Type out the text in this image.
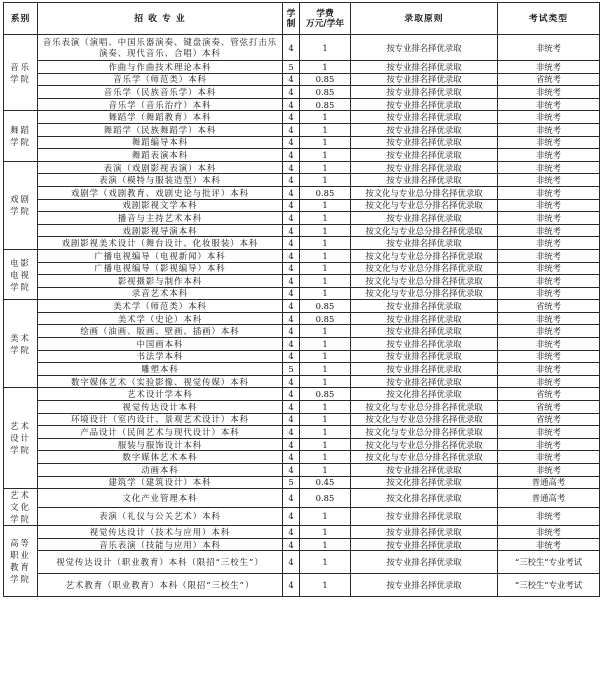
系别	招 收 专 业	学制	学费
万元/学年	录取原则	考试类型
音乐
学院	音乐表演（演唱、中国乐器演奏、键盘演奏、管弦打击乐演奏、现代音乐、合唱）本科	4	1	按专业排名择优录取	非统考
	作曲与作曲技术理论本科	5	1	按专业排名择优录取	非统考
	音乐学（师范类）本科	4	0.85	按专业排名择优录取	省统考
	音乐学（民族音乐学）本科	4	0.85	按专业排名择优录取	非统考
	音乐学（音乐治疗）本科	4	0.85	按专业排名择优录取	非统考
舞蹈
学院	舞蹈学（舞蹈教育）本科	4	1	按专业排名择优录取	非统考
	舞蹈学（民族舞蹈学）本科	4	1	按专业排名择优录取	非统考
	舞蹈编导本科	4	1	按专业排名择优录取	非统考
	舞蹈表演本科	4	1	按专业排名择优录取	非统考
戏剧
学院	表演（戏剧影视表演）本科	4	1	按专业排名择优录取	非统考
	表演（模特与服装造型）本科	4	1	按专业排名择优录取	非统考
	戏剧学（戏剧教育、戏剧史论与批评）本科	4	0.85	按文化与专业总分排名择优录取	非统考
	戏剧影视文学本科	4	1	按文化与专业总分排名择优录取	非统考
	播音与主持艺术本科	4	1	按专业排名择优录取	非统考
	戏剧影视导演本科	4	1	按文化与专业总分排名择优录取	非统考
	戏剧影视美术设计（舞台设计、化妆服装）本科	4	1	按专业排名择优录取	非统考
电影
电视
学院	广播电视编导（电视新闻）本科	4	1	按文化与专业总分排名择优录取	非统考
	广播电视编导（影视编导）本科	4	1	按文化与专业总分排名择优录取	非统考
	影视摄影与制作本科	4	1	按文化与专业总分排名择优录取	非统考
	录音艺术本科	4	1	按文化与专业总分排名择优录取	非统考
美术
学院	美术学（师范类）本科	4	0.85	按专业排名择优录取	省统考
	美术学（史论）本科	4	0.85	按专业排名择优录取	非统考
	绘画（油画、版画、壁画、插画）本科	4	1	按专业排名择优录取	非统考
	中国画本科	4	1	按专业排名择优录取	非统考
	书法学本科	4	1	按专业排名择优录取	非统考
	雕塑本科	5	1	按专业排名择优录取	非统考
	数字媒体艺术（实验影像、视觉传媒）本科	4	1	按专业排名择优录取	非统考
艺术
设计
学院	艺术设计学本科	4	0.85	按文化排名择优录取	省统考
	视觉传达设计本科	4	1	按文化与专业总分排名择优录取	省统考
	环境设计（室内设计、景观艺术设计）本科	4	1	按文化与专业总分排名择优录取	省统考
	产品设计（民间艺术与现代设计）本科	4	1	按文化与专业总分排名择优录取	非统考
	服装与服饰设计本科	4	1	按文化与专业总分排名择优录取	非统考
	数字媒体艺术本科	4	1	按文化与专业总分排名择优录取	非统考
	动画本科	4	1	按专业排名择优录取	非统考
	建筑学（建筑设计）本科	5	0.45	按文化排名择优录取	普通高考
艺术
文化
学院	文化产业管理本科	4	0.85	按文化排名择优录取	普通高考
	表演（礼仪与公关艺术）本科	4	1	按专业排名择优录取	非统考
高等
职业
教育
学院	视觉传达设计（技术与应用）本科	4	1	按专业排名择优录取	非统考
	音乐表演（技能与应用）本科	4	1	按专业排名择优录取	非统考
	视觉传达设计（职业教育）本科（限招“三校生”）	4	1	按专业排名择优录取	“三校生”专业考试
	艺术教育（职业教育）本科（限招“三校生”）	4	1	按专业排名择优录取	“三校生”专业考试
